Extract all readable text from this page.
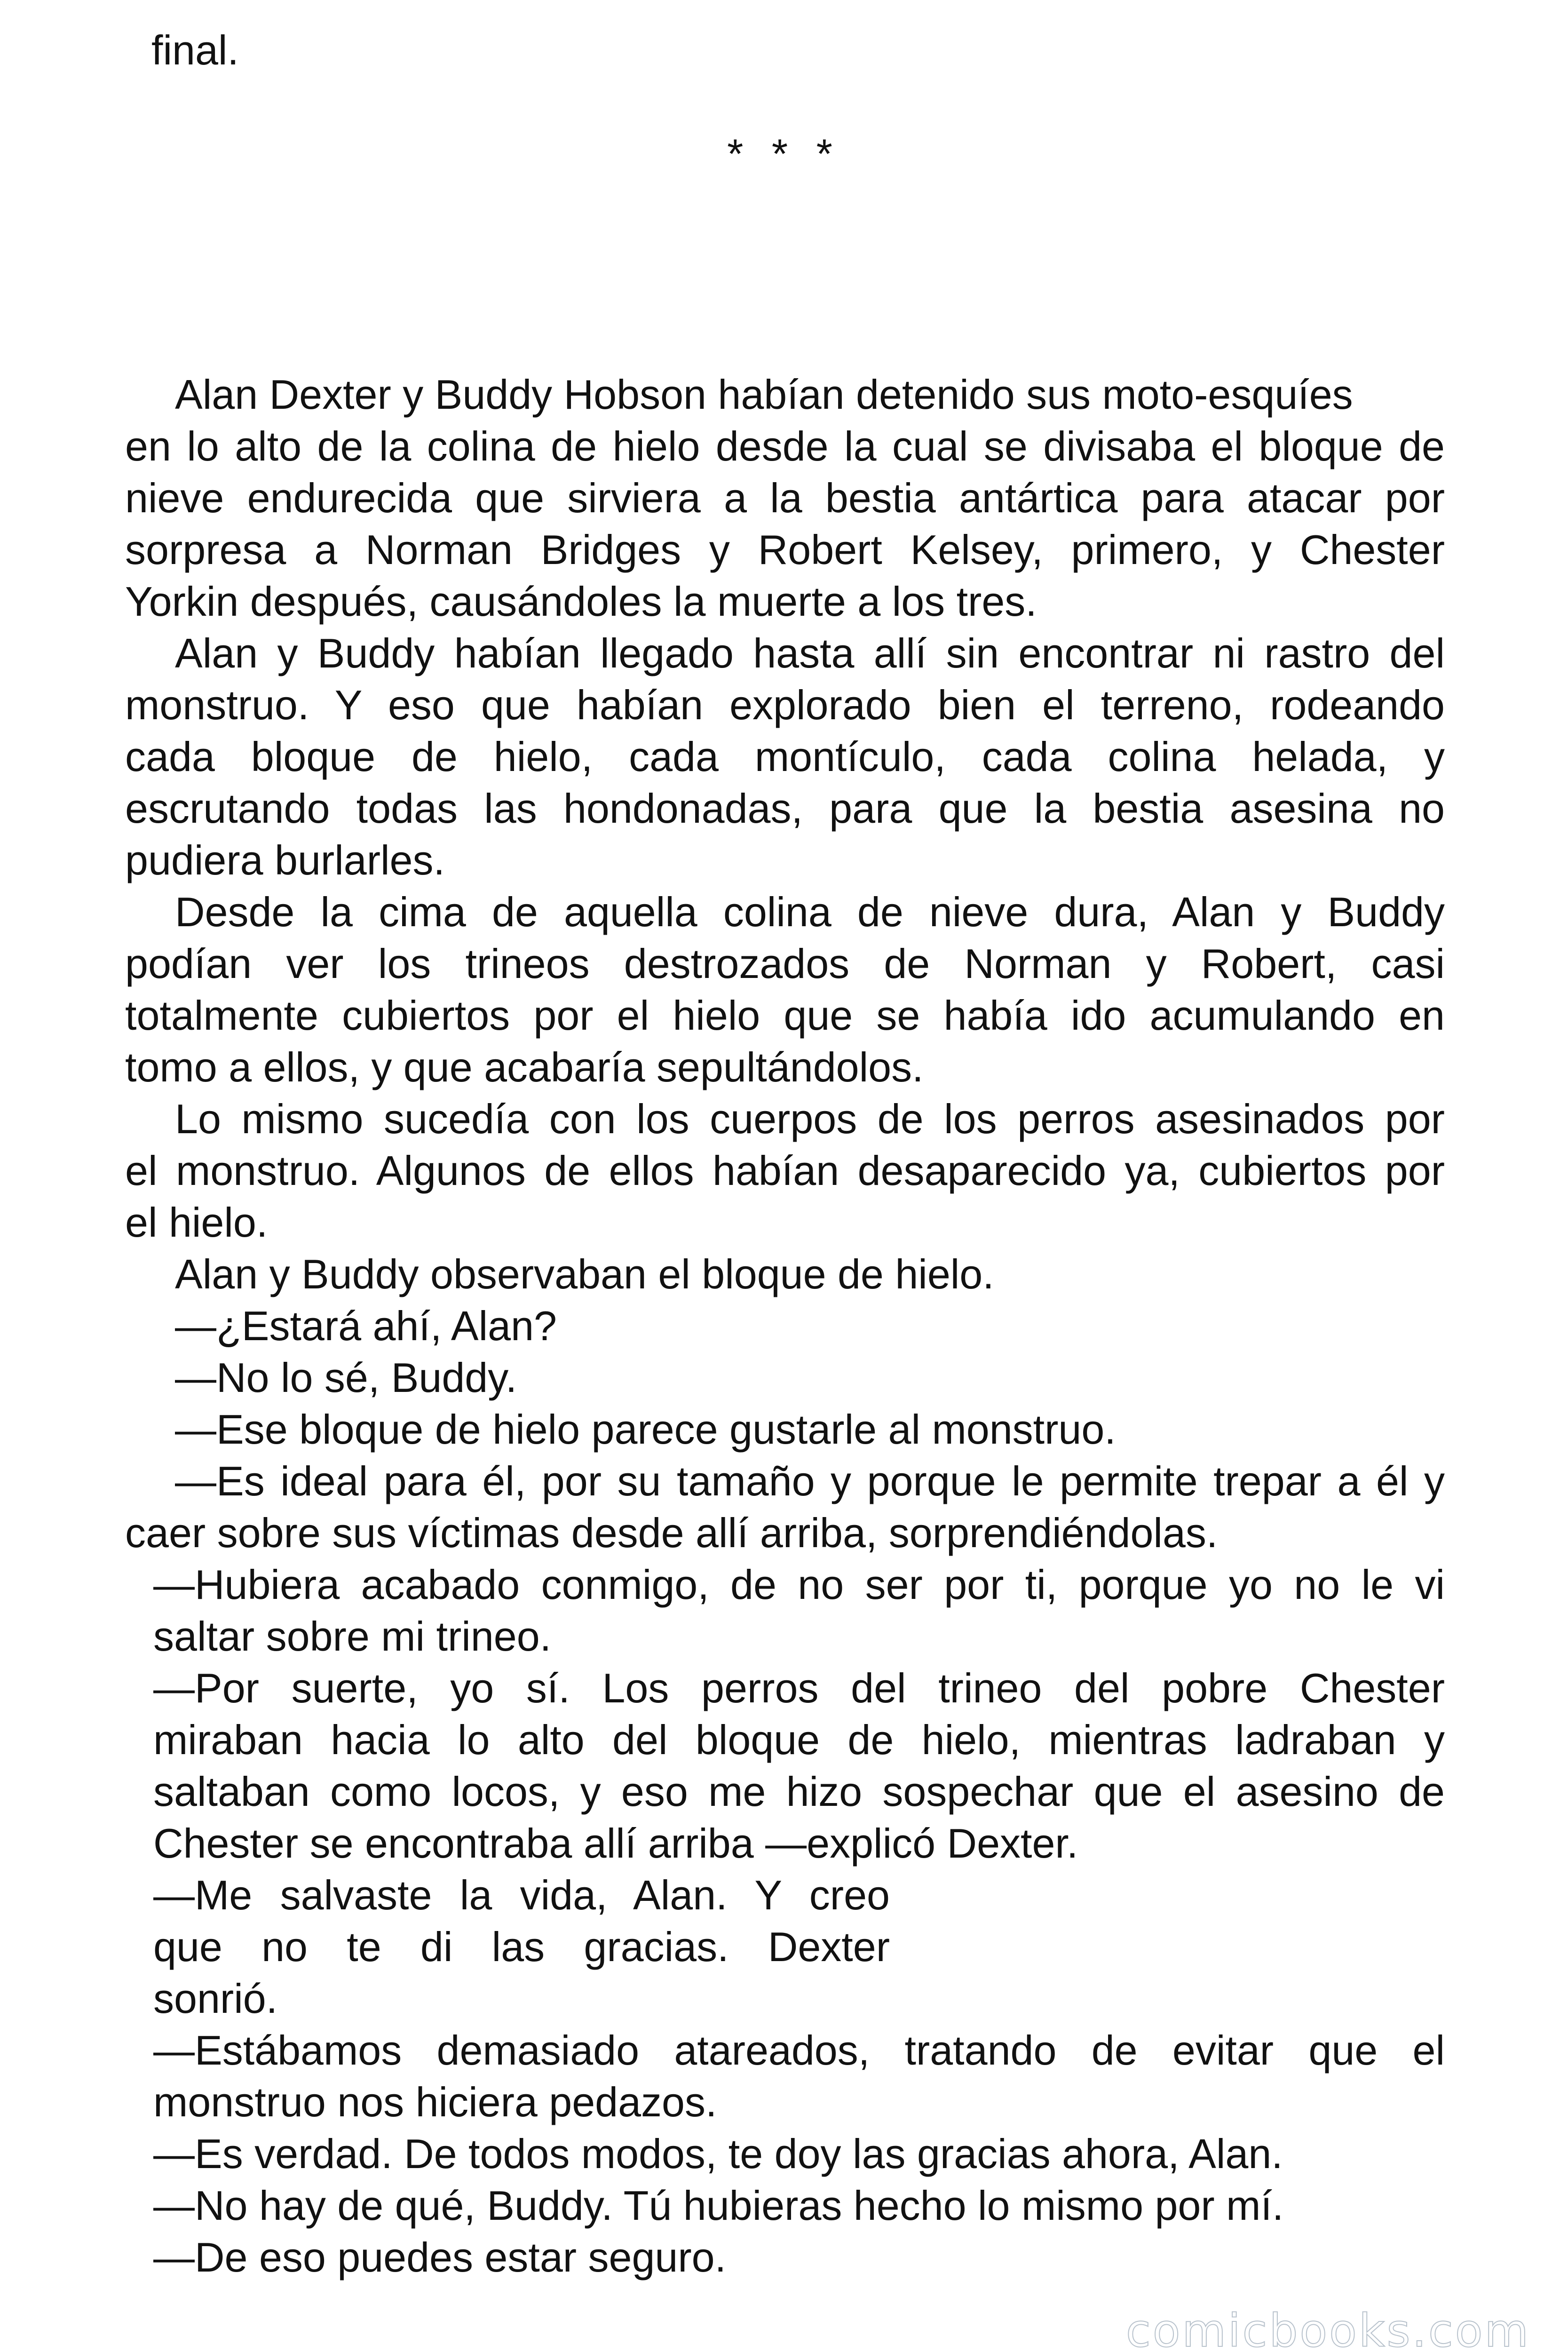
final.

* * *

Alan Dexter y Buddy Hobson habían detenido sus moto-esquíes

en lo alto de la colina de hielo desde la cual se divisaba el bloque de

nieve endurecida que sirviera a la bestia antártica para atacar por

sorpresa a Norman Bridges y Robert Kelsey, primero, y Chester

Yorkin después, causándoles la muerte a los tres.

Alan y Buddy habían llegado hasta allí sin encontrar ni rastro del

monstruo. Y eso que habían explorado bien el terreno, rodeando

cada bloque de hielo, cada montículo, cada colina helada, y

escrutando todas las hondonadas, para que la bestia asesina no

pudiera burlarles.

Desde la cima de aquella colina de nieve dura, Alan y Buddy

podían ver los trineos destrozados de Norman y Robert, casi

totalmente cubiertos por el hielo que se había ido acumulando en

tomo a ellos, y que acabaría sepultándolos.

Lo mismo sucedía con los cuerpos de los perros asesinados por

el monstruo. Algunos de ellos habían desaparecido ya, cubiertos por

el hielo.

Alan y Buddy observaban el bloque de hielo.

—¿Estará ahí, Alan?

—No lo sé, Buddy.

—Ese bloque de hielo parece gustarle al monstruo.

—Es ideal para él, por su tamaño y porque le permite trepar a él y

caer sobre sus víctimas desde allí arriba, sorprendiéndolas.

—Hubiera acabado conmigo, de no ser por ti, porque yo no le vi

saltar sobre mi trineo.

—Por suerte, yo sí. Los perros del trineo del pobre Chester

miraban hacia lo alto del bloque de hielo, mientras ladraban y

saltaban como locos, y eso me hizo sospechar que el asesino de

Chester se encontraba allí arriba —explicó Dexter.

—Me salvaste la vida, Alan. Y creo

que no te di las gracias. Dexter

sonrió.

—Estábamos demasiado atareados, tratando de evitar que el

monstruo nos hiciera pedazos.

—Es verdad. De todos modos, te doy las gracias ahora, Alan.

—No hay de qué, Buddy. Tú hubieras hecho lo mismo por mí.

—De eso puedes estar seguro.

comicbooks.com
